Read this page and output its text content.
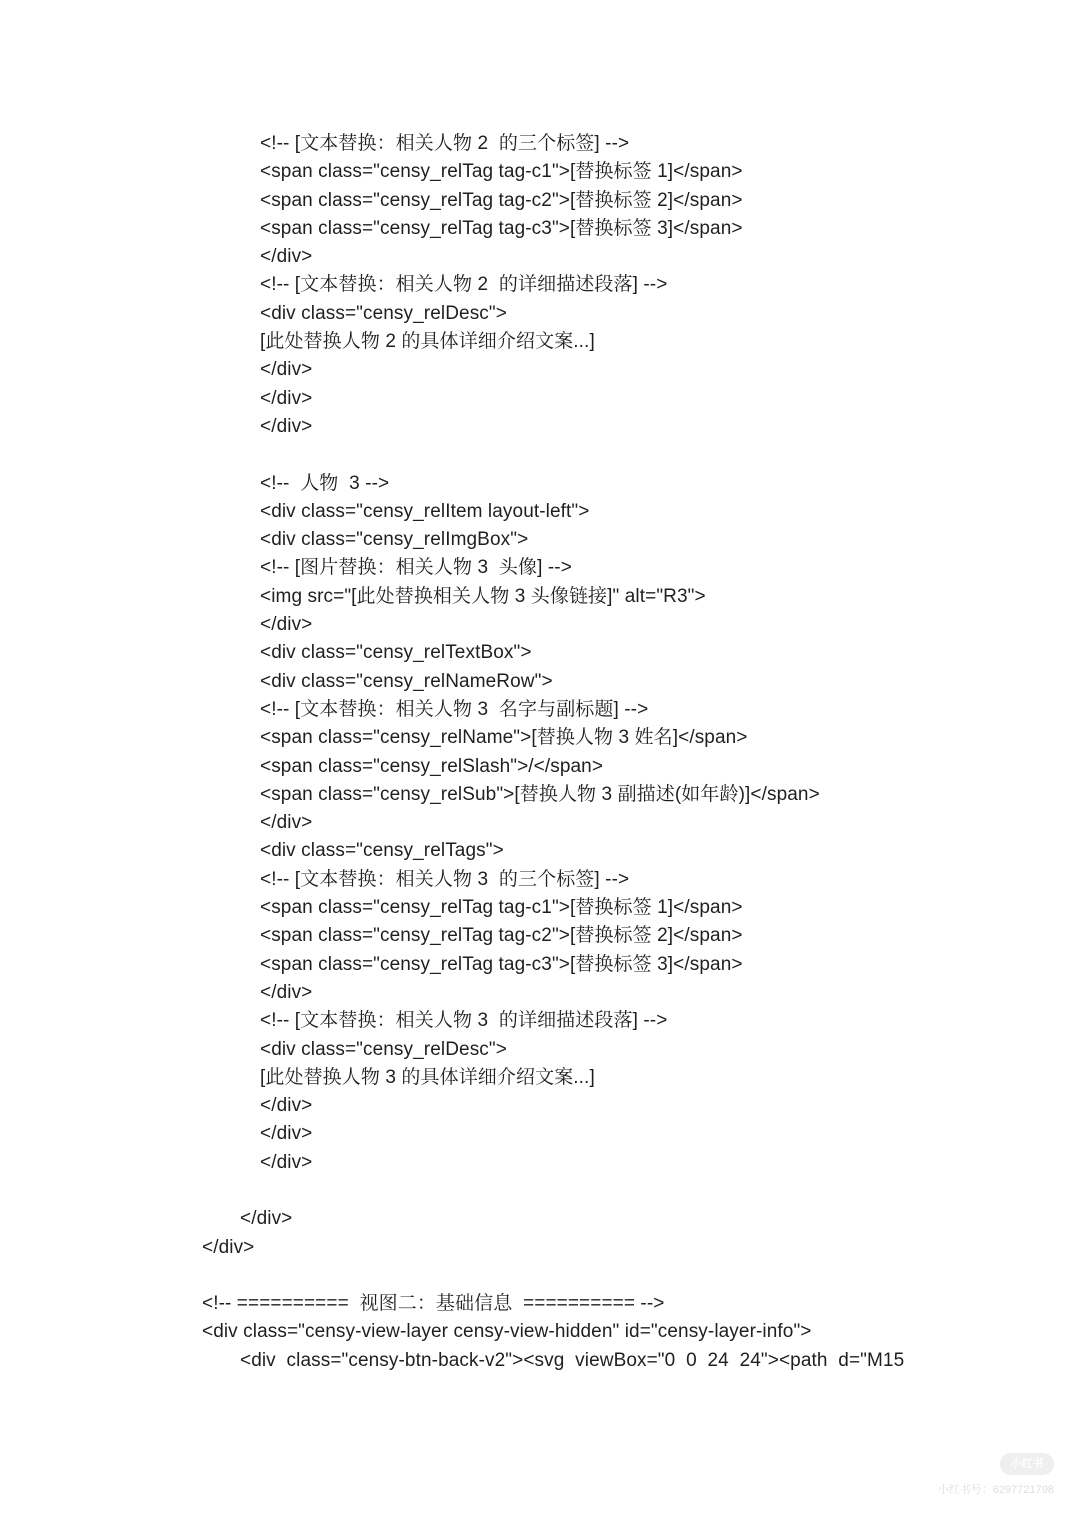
<!-- [文本替换：相关人物 2  的三个标签] -->
<span class="censy_relTag tag-c1">[替换标签 1]</span>
<span class="censy_relTag tag-c2">[替换标签 2]</span>
<span class="censy_relTag tag-c3">[替换标签 3]</span>
</div>
<!-- [文本替换：相关人物 2  的详细描述段落] -->
<div class="censy_relDesc">
[此处替换人物 2 的具体详细介绍文案...]
</div>
</div>
</div>
<!--  人物  3 -->
<div class="censy_relItem layout-left">
<div class="censy_relImgBox">
<!-- [图片替换：相关人物 3  头像] -->
<img src="[此处替换相关人物 3 头像链接]" alt="R3">
</div>
<div class="censy_relTextBox">
<div class="censy_relNameRow">
<!-- [文本替换：相关人物 3  名字与副标题] -->
<span class="censy_relName">[替换人物 3 姓名]</span>
<span class="censy_relSlash">/</span>
<span class="censy_relSub">[替换人物 3 副描述(如年龄)]</span>
</div>
<div class="censy_relTags">
<!-- [文本替换：相关人物 3  的三个标签] -->
<span class="censy_relTag tag-c1">[替换标签 1]</span>
<span class="censy_relTag tag-c2">[替换标签 2]</span>
<span class="censy_relTag tag-c3">[替换标签 3]</span>
</div>
<!-- [文本替换：相关人物 3  的详细描述段落] -->
<div class="censy_relDesc">
[此处替换人物 3 的具体详细介绍文案...]
</div>
</div>
</div>
</div>
</div>
<!-- ==========  视图二：基础信息  ========== -->
<div class="censy-view-layer censy-view-hidden" id="censy-layer-info">
<div  class="censy-btn-back-v2"><svg  viewBox="0  0  24  24"><path  d="M15
小红书
小红书号：6297721798
